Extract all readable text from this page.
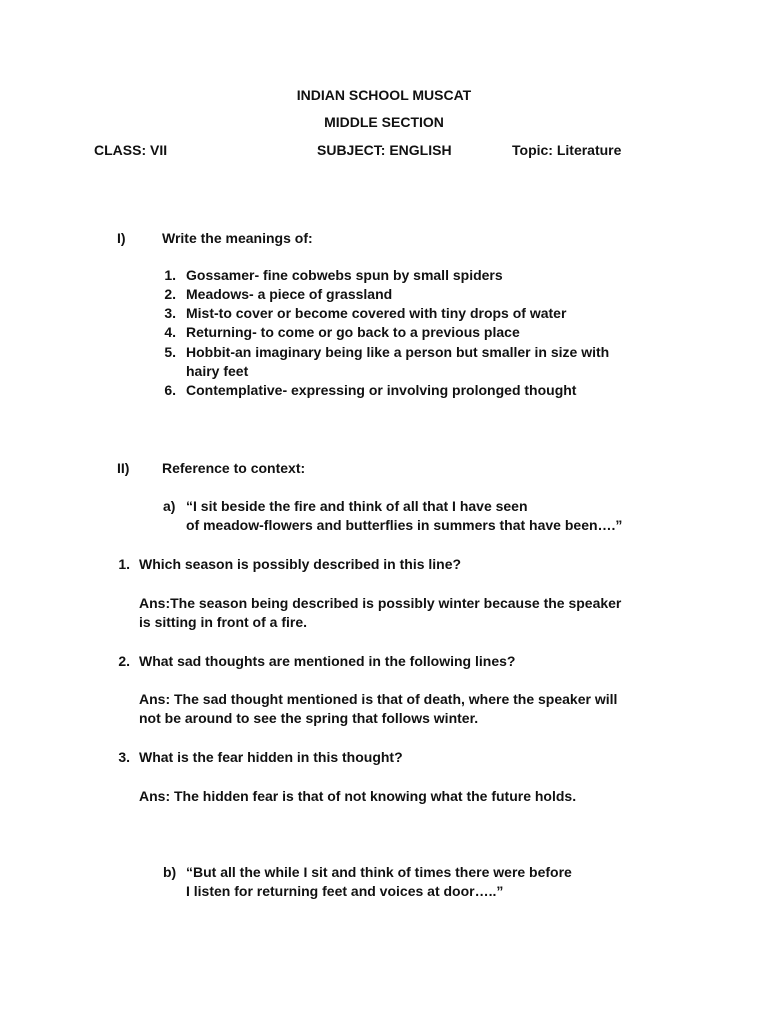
INDIAN SCHOOL MUSCAT
MIDDLE SECTION
CLASS: VII	SUBJECT: ENGLISH	Topic: Literature
I)	Write the meanings of:
1. Gossamer- fine cobwebs spun by small spiders
2. Meadows- a piece of grassland
3. Mist-to cover or become covered with tiny drops of water
4. Returning- to come or go back to a previous place
5. Hobbit-an imaginary being like a person but smaller in size with
hairy feet
6. Contemplative- expressing or involving prolonged thought
II) Reference to context:
a) “I sit beside the fire and think of all that I have seen
of meadow-flowers and butterflies in summers that have been….”
1. Which season is possibly described in this line?
Ans:The season being described is possibly winter because the speaker
is sitting in front of a fire.
2. What sad thoughts are mentioned in the following lines?
Ans: The sad thought mentioned is that of death, where the speaker will
not be around to see the spring that follows winter.
3. What is the fear hidden in this thought?
Ans: The hidden fear is that of not knowing what the future holds.
b) “But all the while I sit and think of times there were before
I listen for returning feet and voices at door…..”
